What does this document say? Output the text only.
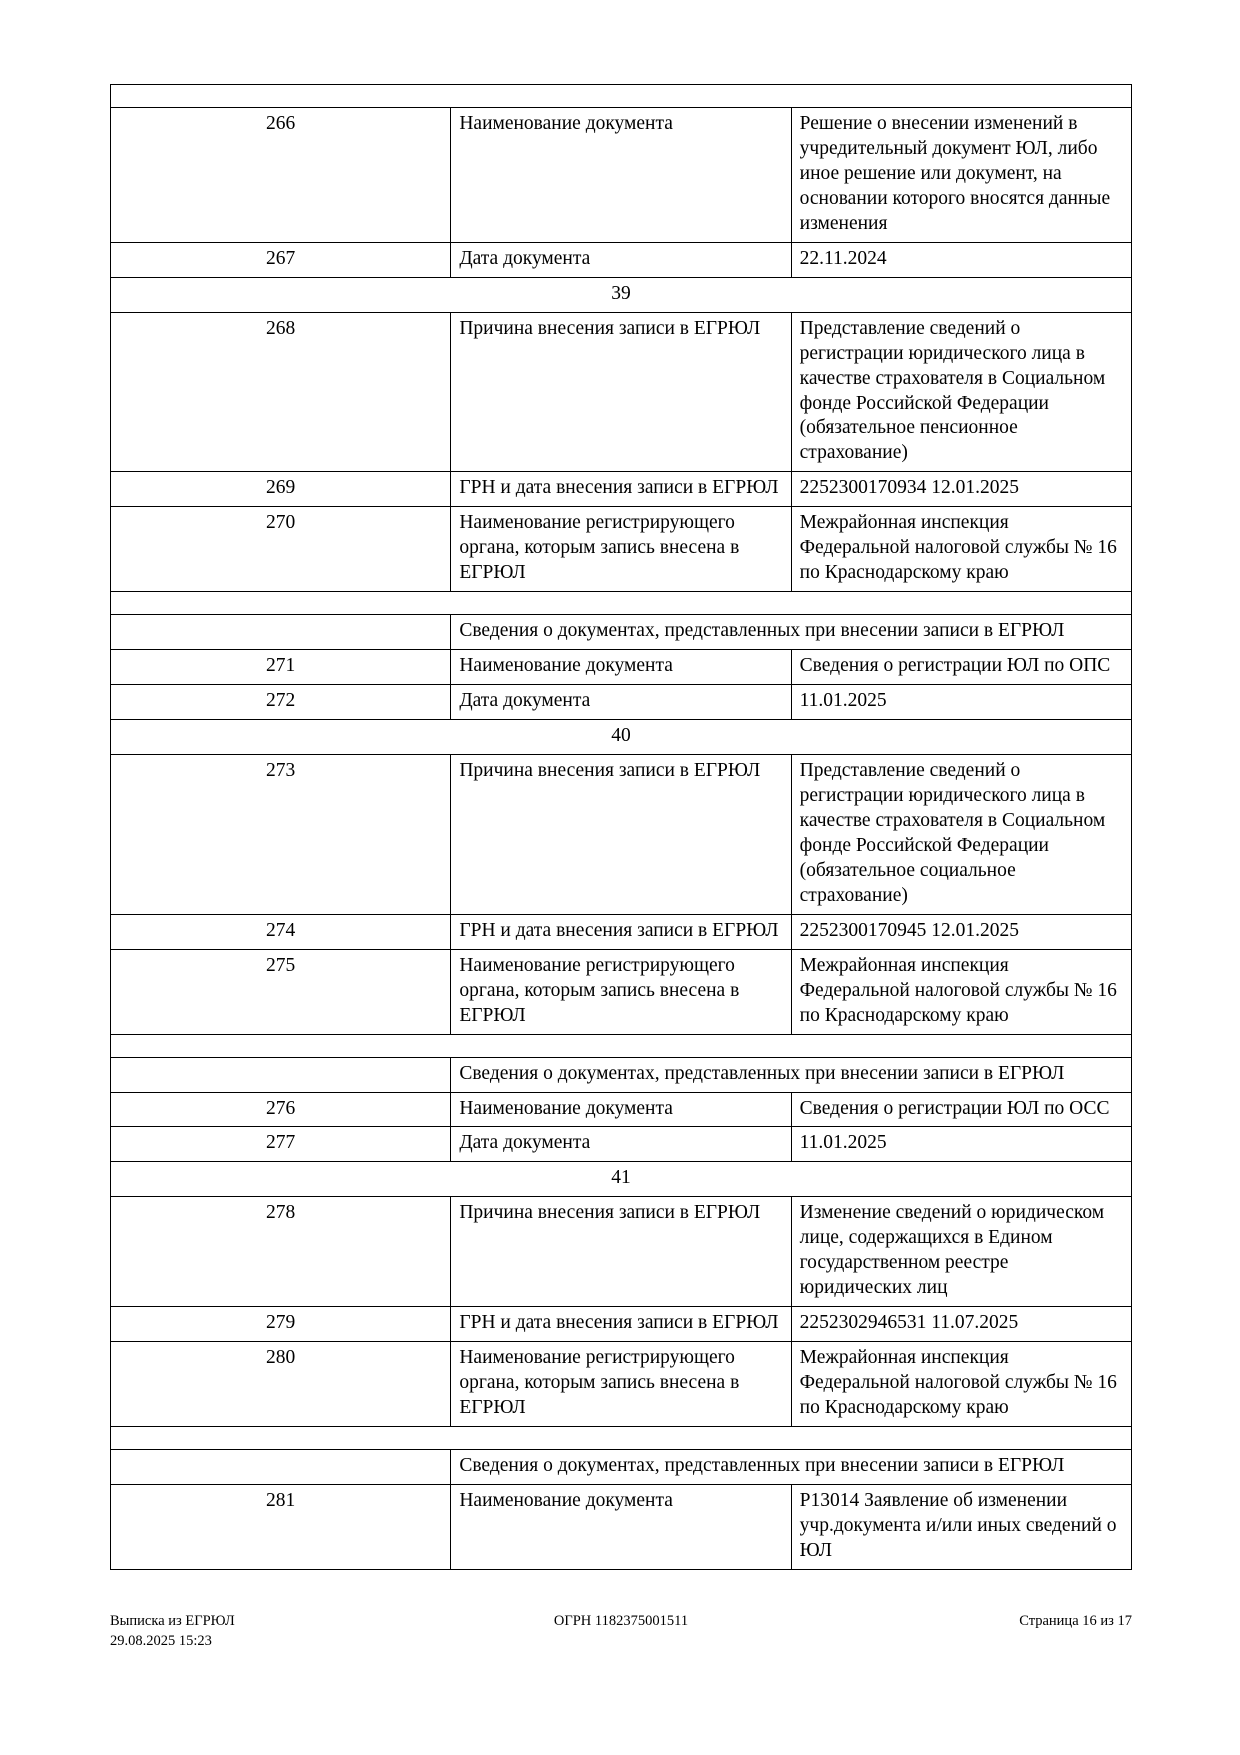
266	Наименование документа	Решение о внесении изменений в учредительный документ ЮЛ, либо иное решение или документ, на основании которого вносятся данные изменения
267	Дата документа	22.11.2024
39		
268	Причина внесения записи в ЕГРЮЛ	Представление сведений о регистрации юридического лица в качестве страхователя в Социальном фонде Российской Федерации (обязательное пенсионное страхование)
269	ГРН и дата внесения записи в ЕГРЮЛ	2252300170934 12.01.2025
270	Наименование регистрирующего органа, которым запись внесена в ЕГРЮЛ	Межрайонная инспекция Федеральной налоговой службы № 16 по Краснодарскому краю

	Сведения о документах, представленных при внесении записи в ЕГРЮЛ	
271	Наименование документа	Сведения о регистрации ЮЛ по ОПС
272	Дата документа	11.01.2025
40		
273	Причина внесения записи в ЕГРЮЛ	Представление сведений о регистрации юридического лица в качестве страхователя в Социальном фонде Российской Федерации (обязательное социальное страхование)
274	ГРН и дата внесения записи в ЕГРЮЛ	2252300170945 12.01.2025
275	Наименование регистрирующего органа, которым запись внесена в ЕГРЮЛ	Межрайонная инспекция Федеральной налоговой службы № 16 по Краснодарскому краю

	Сведения о документах, представленных при внесении записи в ЕГРЮЛ	
276	Наименование документа	Сведения о регистрации ЮЛ по ОСС
277	Дата документа	11.01.2025
41		
278	Причина внесения записи в ЕГРЮЛ	Изменение сведений о юридическом лице, содержащихся в Едином государственном реестре юридических лиц
279	ГРН и дата внесения записи в ЕГРЮЛ	2252302946531 11.07.2025
280	Наименование регистрирующего органа, которым запись внесена в ЕГРЮЛ	Межрайонная инспекция Федеральной налоговой службы № 16 по Краснодарскому краю

	Сведения о документах, представленных при внесении записи в ЕГРЮЛ	
281	Наименование документа	Р13014 Заявление об изменении учр.документа и/или иных сведений о ЮЛ
Выписка из ЕГРЮЛ	ОГРН 1182375001511	Страница 16 из 17
29.08.2025 15:23
